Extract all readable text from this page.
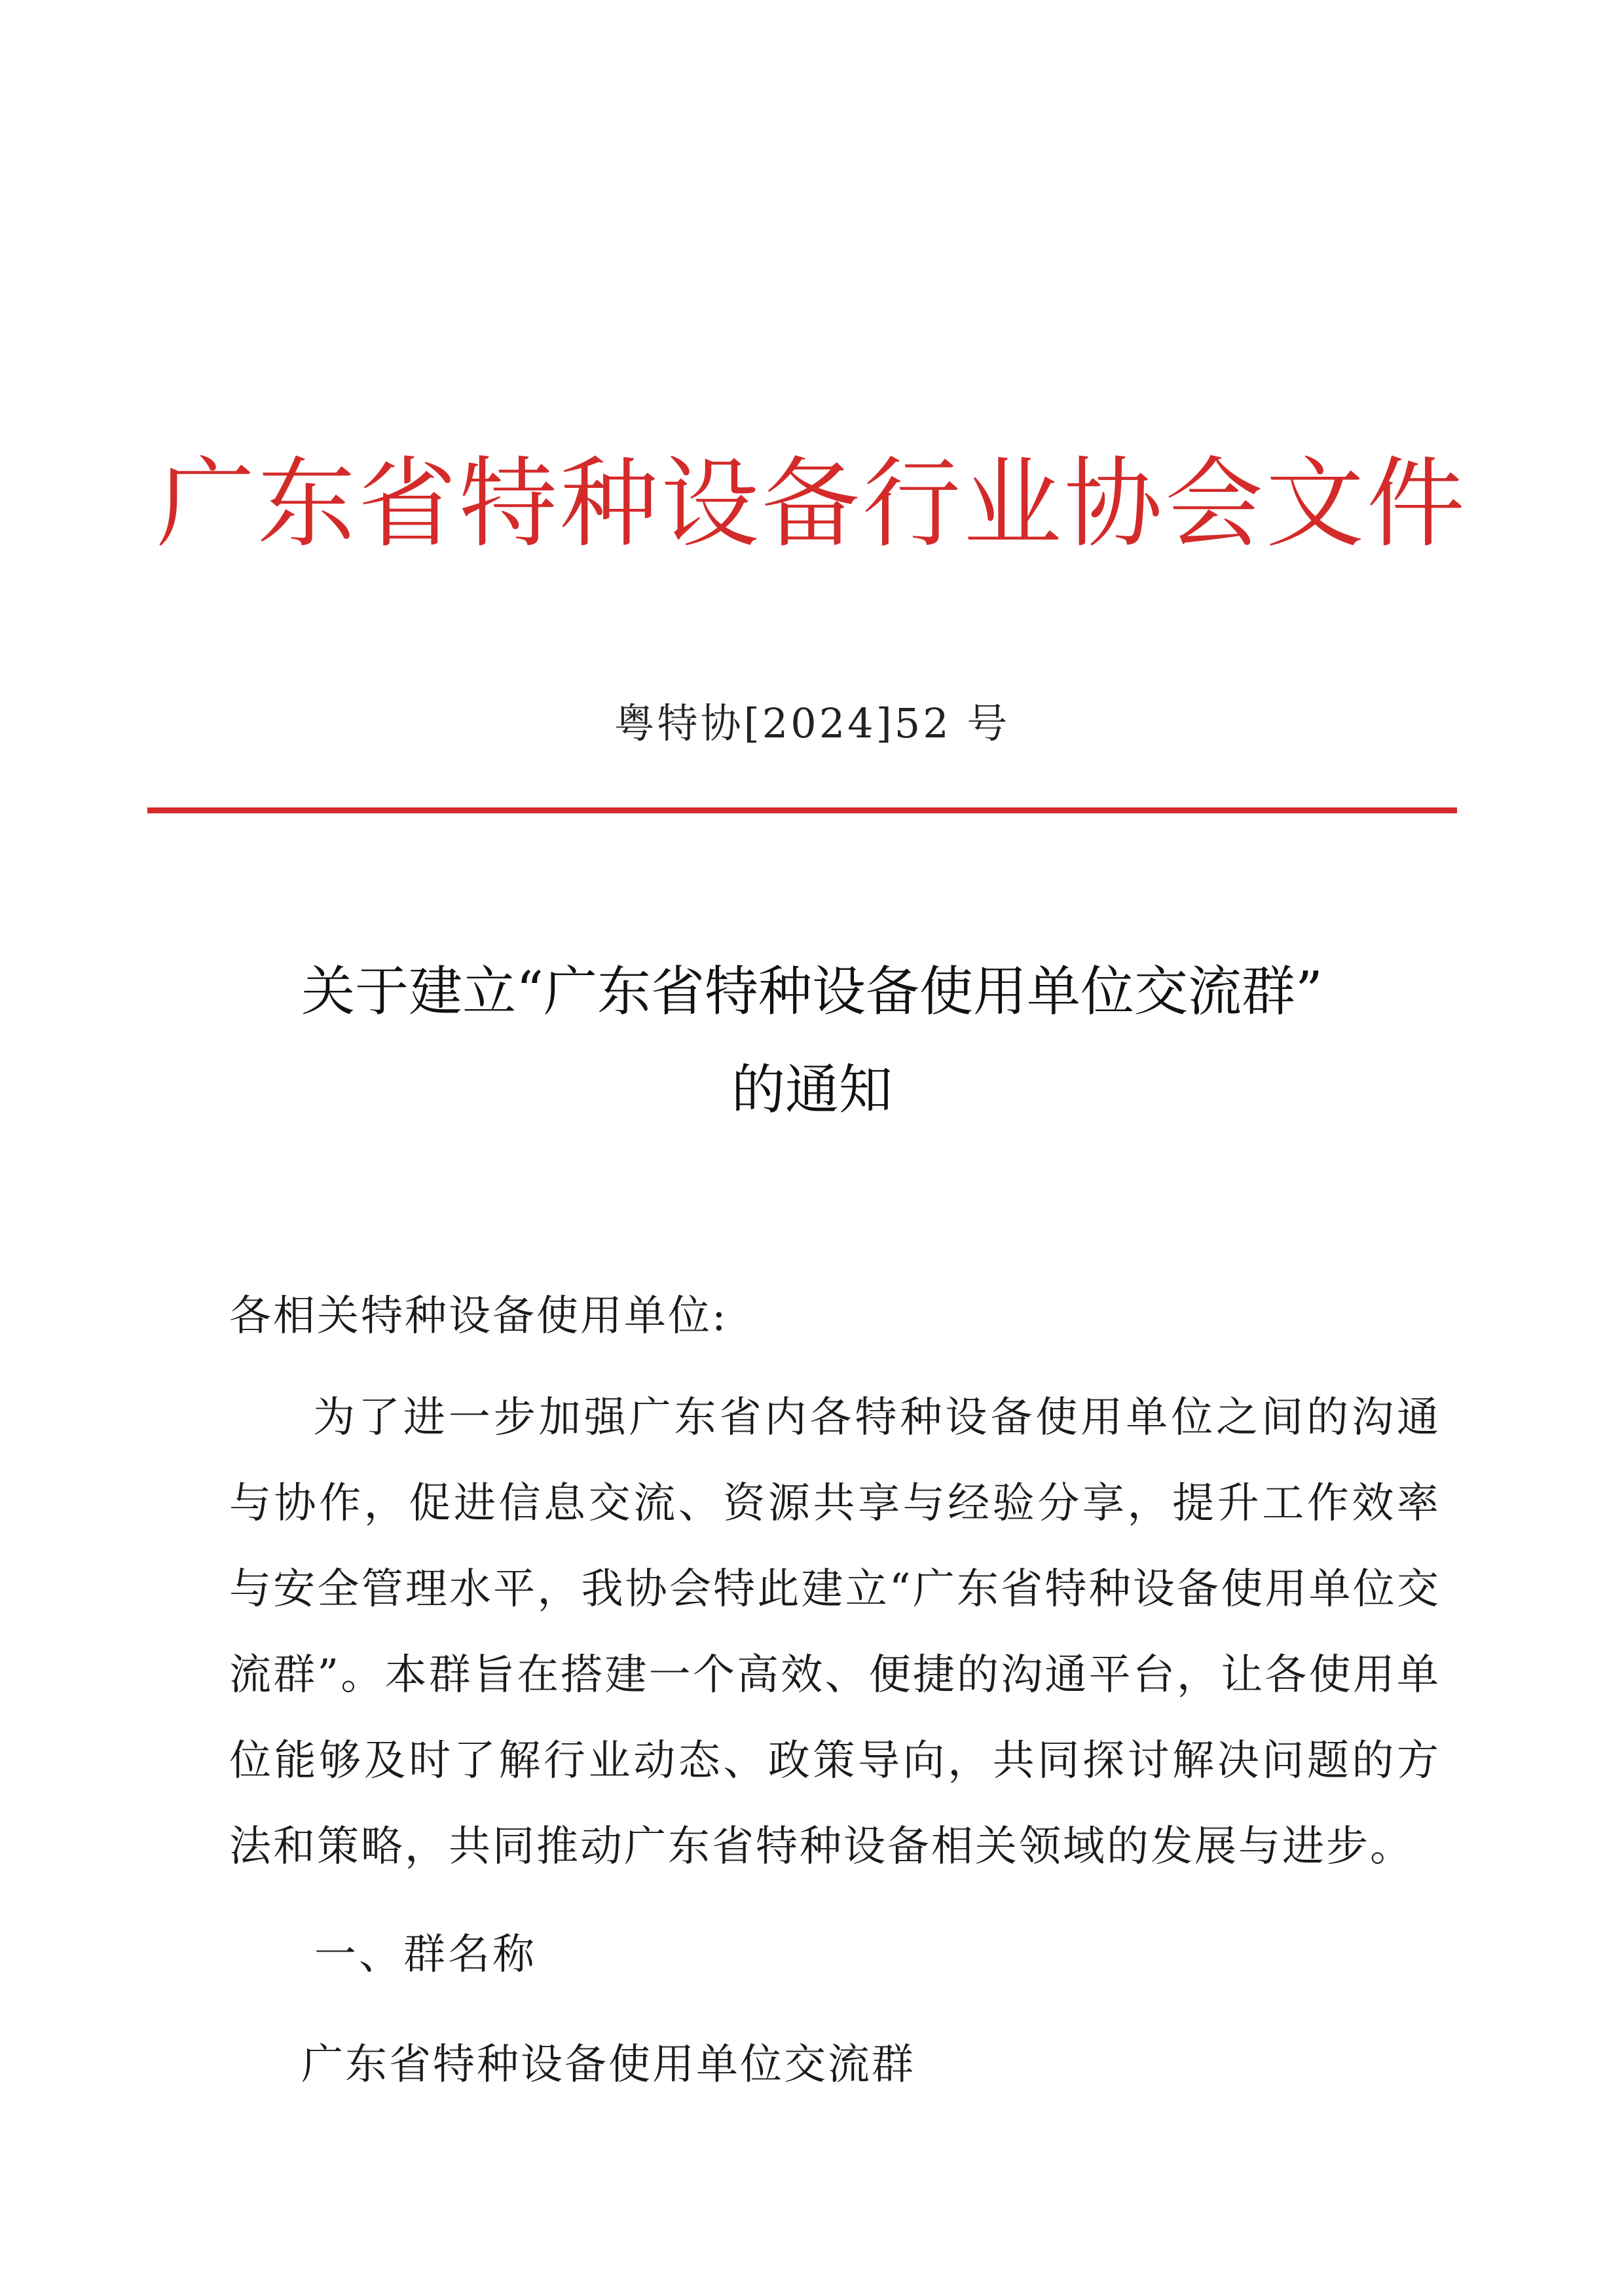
广东省特种设备行业协会文件
粤特协[2024]52 号
关于建立“广东省特种设备使用单位交流群”
的通知
各相关特种设备使用单位:

为了进一步加强广东省内各特种设备使用单位之间的沟通与协作，促进信息交流、资源共享与经验分享，提升工作效率与安全管理水平，我协会特此建立“广东省特种设备使用单位交流群”。本群旨在搭建一个高效、便捷的沟通平台，让各使用单位能够及时了解行业动态、政策导向，共同探讨解决问题的方法和策略，共同推动广东省特种设备相关领域的发展与进步。

一、群名称
广东省特种设备使用单位交流群
